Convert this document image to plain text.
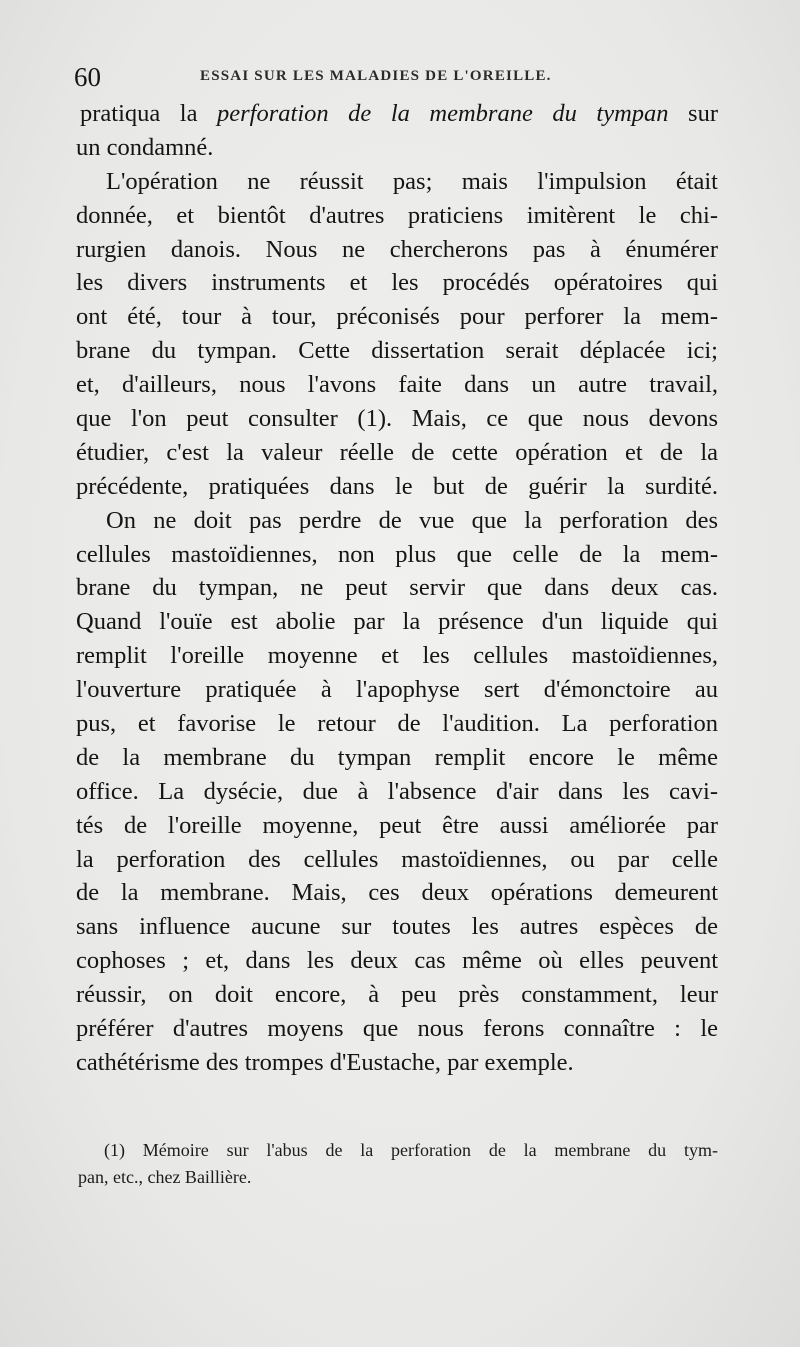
60	ESSAI SUR LES MALADIES DE L'OREILLE.
pratiqua la perforation de la membrane du tympan sur
un condamné.
L'opération ne réussit pas; mais l'impulsion était
donnée, et bientôt d'autres praticiens imitèrent le chi-
rurgien danois. Nous ne chercherons pas à énumérer
les divers instruments et les procédés opératoires qui
ont été, tour à tour, préconisés pour perforer la mem-
brane du tympan. Cette dissertation serait déplacée ici;
et, d'ailleurs, nous l'avons faite dans un autre travail,
que l'on peut consulter (1). Mais, ce que nous devons
étudier, c'est la valeur réelle de cette opération et de la
précédente, pratiquées dans le but de guérir la surdité.
On ne doit pas perdre de vue que la perforation des
cellules mastoïdiennes, non plus que celle de la mem-
brane du tympan, ne peut servir que dans deux cas.
Quand l'ouïe est abolie par la présence d'un liquide qui
remplit l'oreille moyenne et les cellules mastoïdiennes,
l'ouverture pratiquée à l'apophyse sert d'émonctoire au
pus, et favorise le retour de l'audition. La perforation
de la membrane du tympan remplit encore le même
office. La dysécie, due à l'absence d'air dans les cavi-
tés de l'oreille moyenne, peut être aussi améliorée par
la perforation des cellules mastoïdiennes, ou par celle
de la membrane. Mais, ces deux opérations demeurent
sans influence aucune sur toutes les autres espèces de
cophoses ; et, dans les deux cas même où elles peuvent
réussir, on doit encore, à peu près constamment, leur
préférer d'autres moyens que nous ferons connaître : le
cathétérisme des trompes d'Eustache, par exemple.
(1) Mémoire sur l'abus de la perforation de la membrane du tym-
pan, etc., chez Baillière.
